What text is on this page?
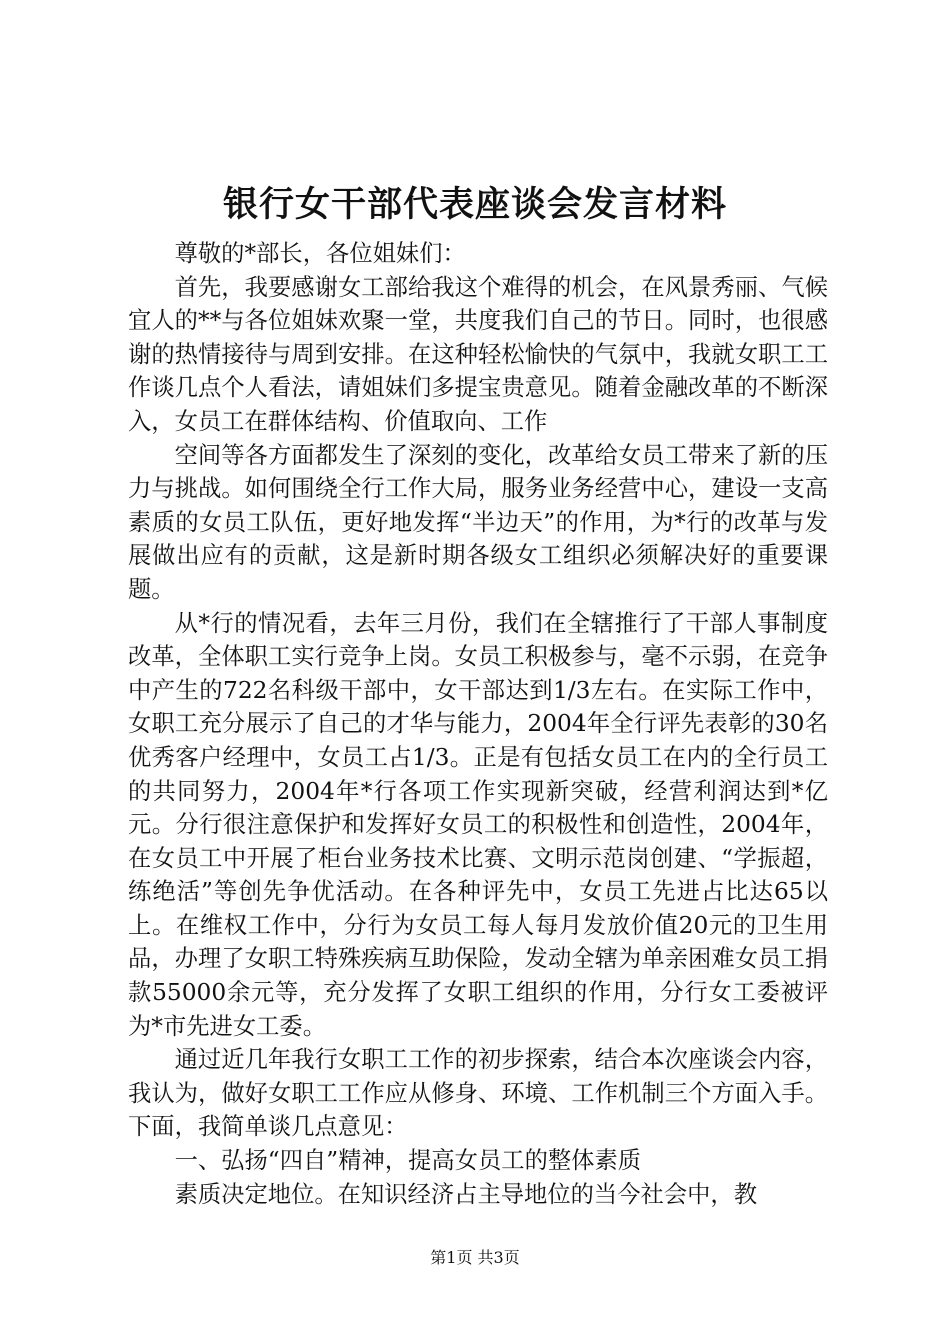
银行女干部代表座谈会发言材料

尊敬的*部长，各位姐妹们：

首先，我要感谢女工部给我这个难得的机会，在风景秀丽、气候宜人的**与各位姐妹欢聚一堂，共度我们自己的节日。同时，也很感谢的热情接待与周到安排。在这种轻松愉快的气氛中，我就女职工工作谈几点个人看法，请姐妹们多提宝贵意见。随着金融改革的不断深入，女员工在群体结构、价值取向、工作

空间等各方面都发生了深刻的变化，改革给女员工带来了新的压力与挑战。如何围绕全行工作大局，服务业务经营中心，建设一支高素质的女员工队伍，更好地发挥“半边天”的作用，为*行的改革与发展做出应有的贡献，这是新时期各级女工组织必须解决好的重要课题。

从*行的情况看，去年三月份，我们在全辖推行了干部人事制度改革，全体职工实行竞争上岗。女员工积极参与，毫不示弱，在竞争中产生的722名科级干部中，女干部达到1/3左右。在实际工作中，女职工充分展示了自己的才华与能力，2004年全行评先表彰的30名优秀客户经理中，女员工占1/3。正是有包括女员工在内的全行员工的共同努力，2004年*行各项工作实现新突破，经营利润达到*亿元。分行很注意保护和发挥好女员工的积极性和创造性，2004年，在女员工中开展了柜台业务技术比赛、文明示范岗创建、“学振超，练绝活”等创先争优活动。在各种评先中，女员工先进占比达65以上。在维权工作中，分行为女员工每人每月发放价值20元的卫生用品，办理了女职工特殊疾病互助保险，发动全辖为单亲困难女员工捐款55000余元等，充分发挥了女职工组织的作用，分行女工委被评为*市先进女工委。

通过近几年我行女职工工作的初步探索，结合本次座谈会内容，我认为，做好女职工工作应从修身、环境、工作机制三个方面入手。下面，我简单谈几点意见：

一、弘扬“四自”精神，提高女员工的整体素质

素质决定地位。在知识经济占主导地位的当今社会中，教

第1页 共3页
